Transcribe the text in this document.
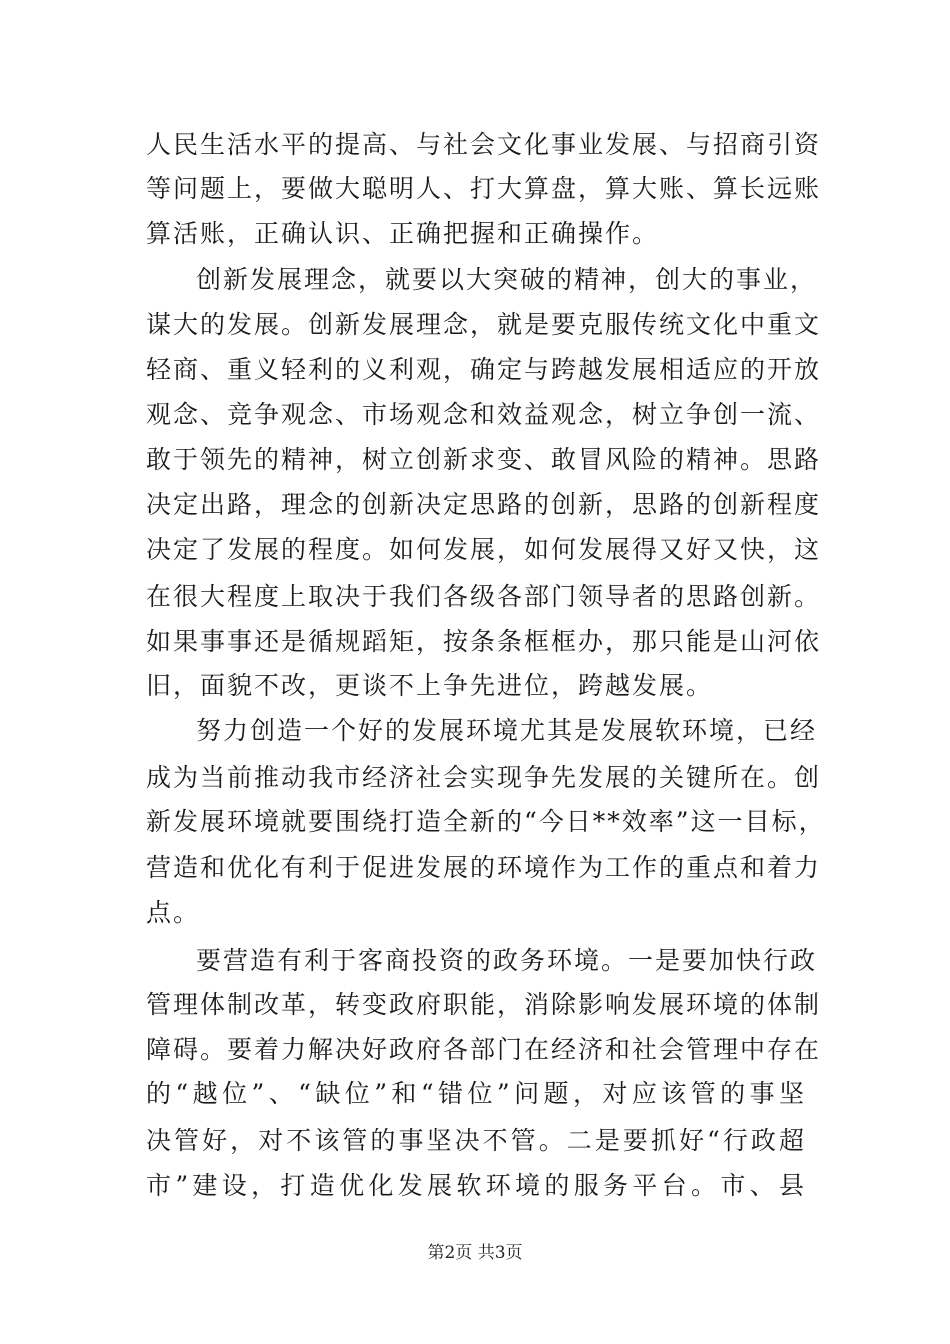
人民生活水平的提高、与社会文化事业发展、与招商引资
等问题上，要做大聪明人、打大算盘，算大账、算长远账
算活账，正确认识、正确把握和正确操作。
创新发展理念，就要以大突破的精神，创大的事业，
谋大的发展。创新发展理念，就是要克服传统文化中重文
轻商、重义轻利的义利观，确定与跨越发展相适应的开放
观念、竞争观念、市场观念和效益观念，树立争创一流、
敢于领先的精神，树立创新求变、敢冒风险的精神。思路
决定出路，理念的创新决定思路的创新，思路的创新程度
决定了发展的程度。如何发展，如何发展得又好又快，这
在很大程度上取决于我们各级各部门领导者的思路创新。
如果事事还是循规蹈矩，按条条框框办，那只能是山河依
旧，面貌不改，更谈不上争先进位，跨越发展。
努力创造一个好的发展环境尤其是发展软环境，已经
成为当前推动我市经济社会实现争先发展的关键所在。创
新发展环境就要围绕打造全新的“今日**效率”这一目标，
营造和优化有利于促进发展的环境作为工作的重点和着力
点。
要营造有利于客商投资的政务环境。一是要加快行政
管理体制改革，转变政府职能，消除影响发展环境的体制
障碍。要着力解决好政府各部门在经济和社会管理中存在
的“越位”、“缺位”和“错位”问题，对应该管的事坚
决管好，对不该管的事坚决不管。二是要抓好“行政超
市”建设，打造优化发展软环境的服务平台。市、县
第2页 共3页
